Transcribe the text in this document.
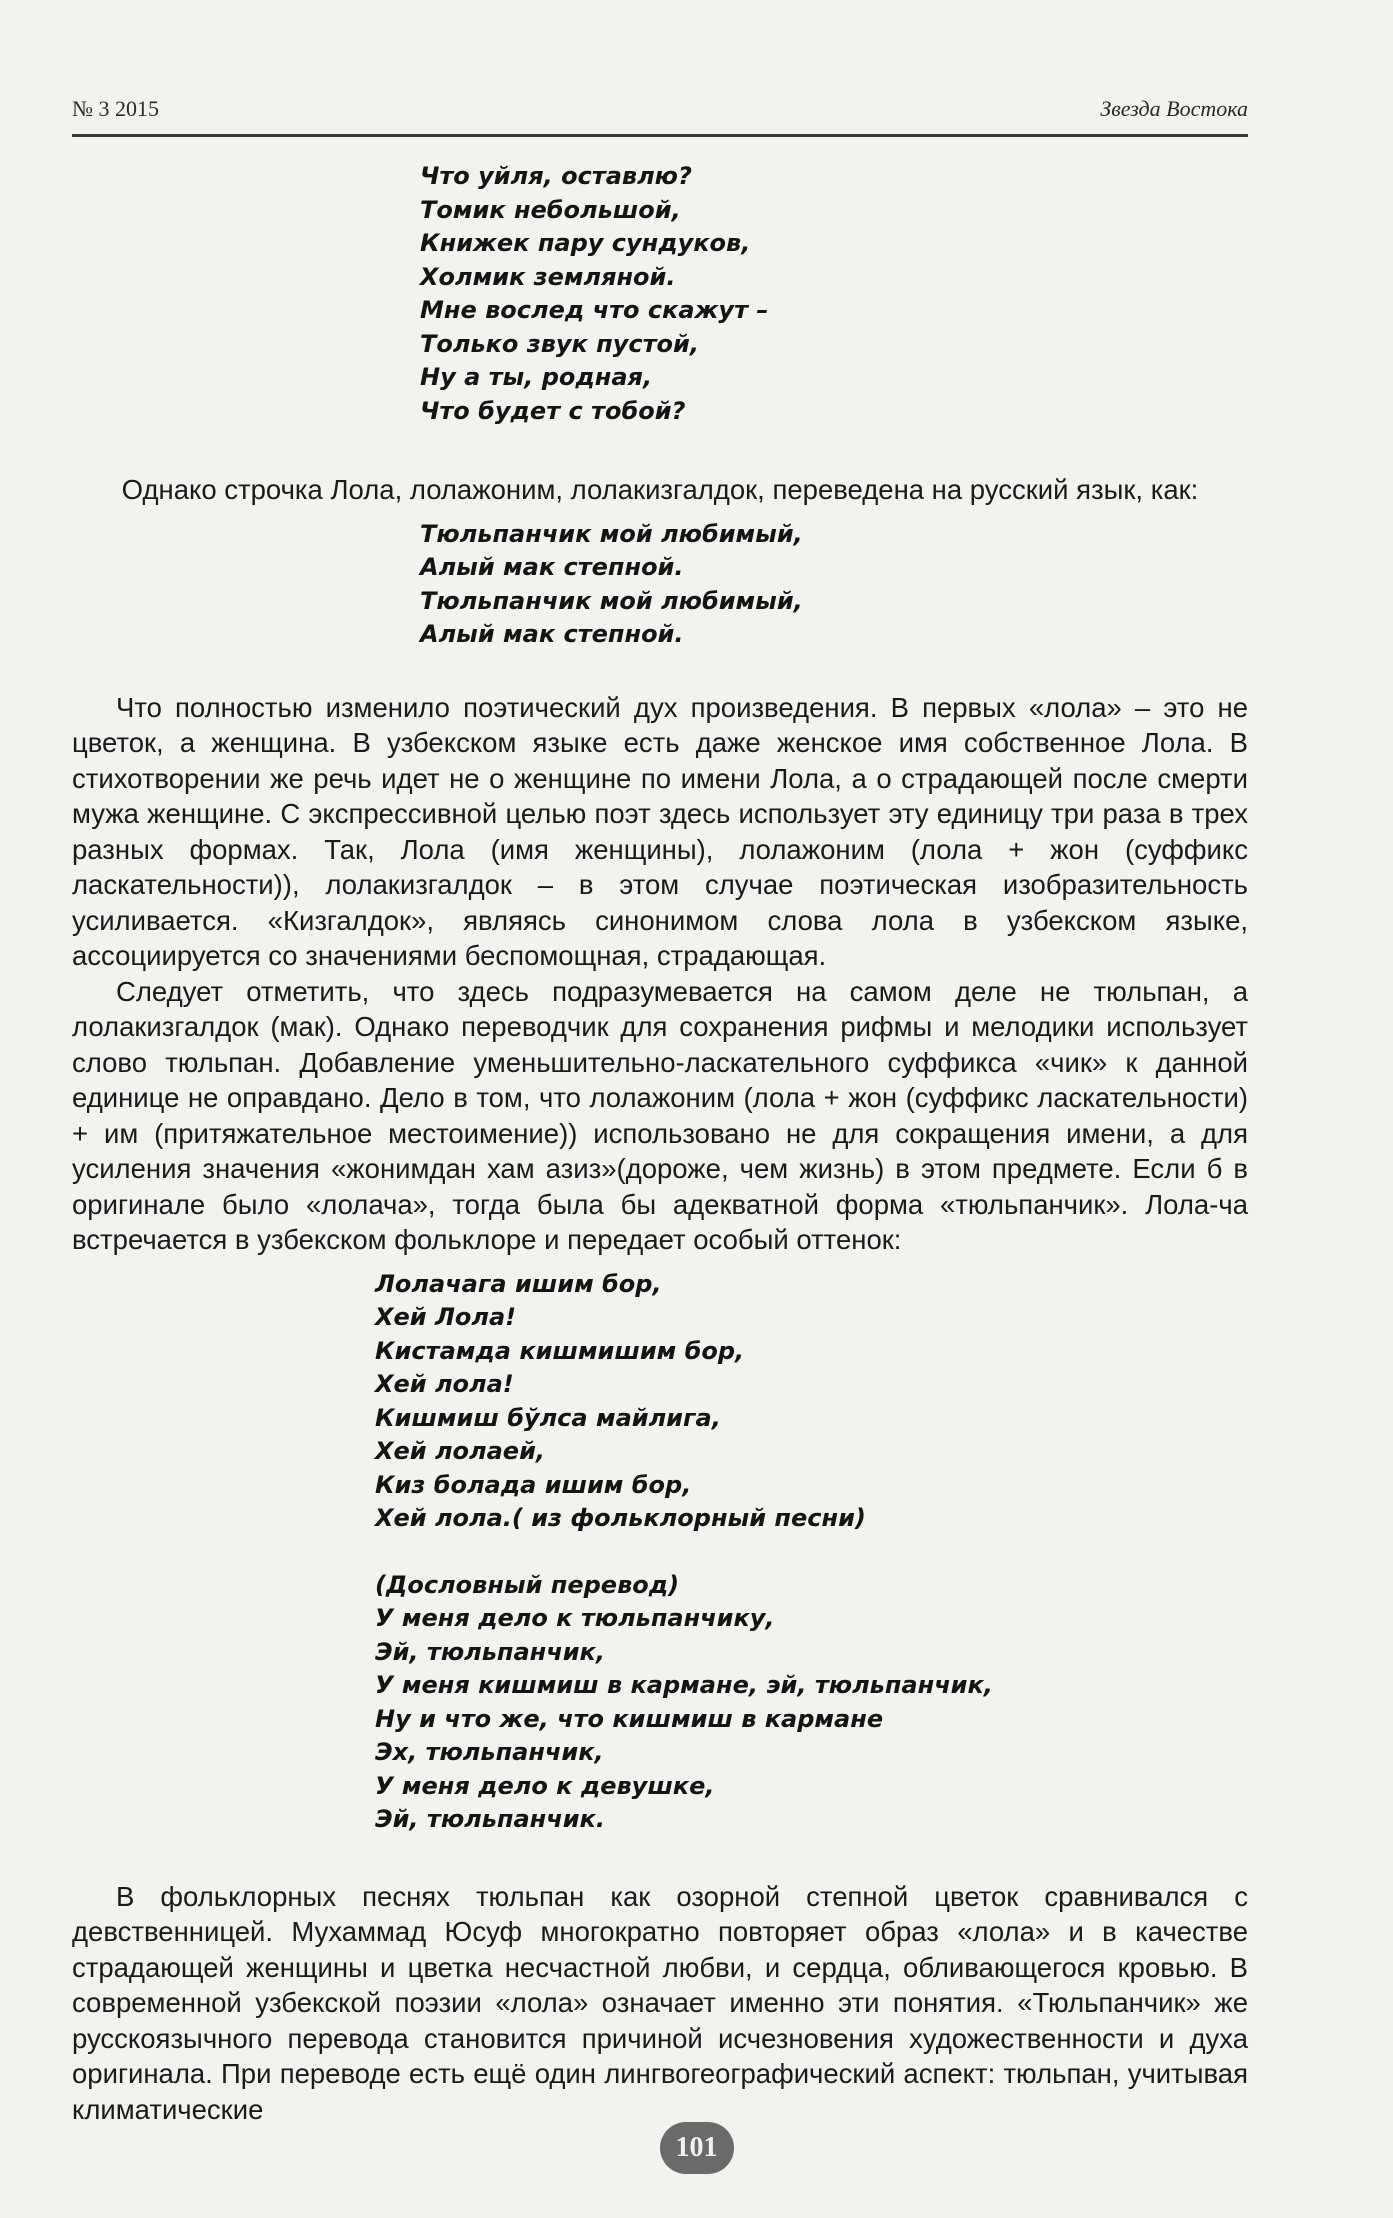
№ 3 2015	Звезда Востока
Что уйля, оставлю?
Томик небольшой,
Книжек пару сундуков,
Холмик земляной.
Мне вослед что скажут –
Только звук пустой,
Ну а ты, родная,
Что будет с тобой?

Однако строчка Лола, лолажоним, лолакизгалдок, переведена на русский язык, как:

Тюльпанчик мой любимый,
Алый мак степной.
Тюльпанчик мой любимый,
Алый мак степной.

Что полностью изменило поэтический дух произведения. В первых «лола» – это не цветок, а женщина. В узбекском языке есть даже женское имя собственное Лола. В стихотворении же речь идет не о женщине по имени Лола, а о страдающей после смерти мужа женщине. С экспрессивной целью поэт здесь использует эту единицу три раза в трех разных формах. Так, Лола (имя женщины), лолажоним (лола + жон (суффикс ласкательности)), лолакизгалдок – в этом случае поэтическая изобразительность усиливается. «Кизгалдок», являясь синонимом слова лола в узбекском языке, ассоциируется со значениями беспомощная, страдающая.

Следует отметить, что здесь подразумевается на самом деле не тюльпан, а лолакизгалдок (мак). Однако переводчик для сохранения рифмы и мелодики использует слово тюльпан. Добавление уменьшительно-ласкательного суффикса «чик» к данной единице не оправдано. Дело в том, что лолажоним (лола + жон (суффикс ласкательности) + им (притяжательное местоимение)) использовано не для сокращения имени, а для усиления значения «жонимдан хам азиз»(дороже, чем жизнь) в этом предмете. Если б в оригинале было «лолача», тогда была бы адекватной форма «тюльпанчик». Лола-ча встречается в узбекском фольклоре и передает особый оттенок:

Лолачага ишим бор,
Хей Лола!
Кистамда кишмишим бор,
Хей лола!
Кишмиш бўлса майлига,
Хей лолаей,
Киз болада ишим бор,
Хей лола.( из фольклорный песни)
(Дословный перевод)
У меня дело к тюльпанчику,
Эй, тюльпанчик,
У меня кишмиш в кармане, эй, тюльпанчик,
Ну и что же, что кишмиш в кармане
Эх, тюльпанчик,
У меня дело к девушке,
Эй, тюльпанчик.

В фольклорных песнях тюльпан как озорной степной цветок сравнивался с девственницей. Мухаммад Юсуф многократно повторяет образ «лола» и в качестве страдающей женщины и цветка несчастной любви, и сердца, обливающегося кровью. В современной узбекской поэзии «лола» означает именно эти понятия. «Тюльпанчик» же русскоязычного перевода становится причиной исчезновения художественности и духа оригинала. При переводе есть ещё один лингвогеографический аспект: тюльпан, учитывая климатические

101
